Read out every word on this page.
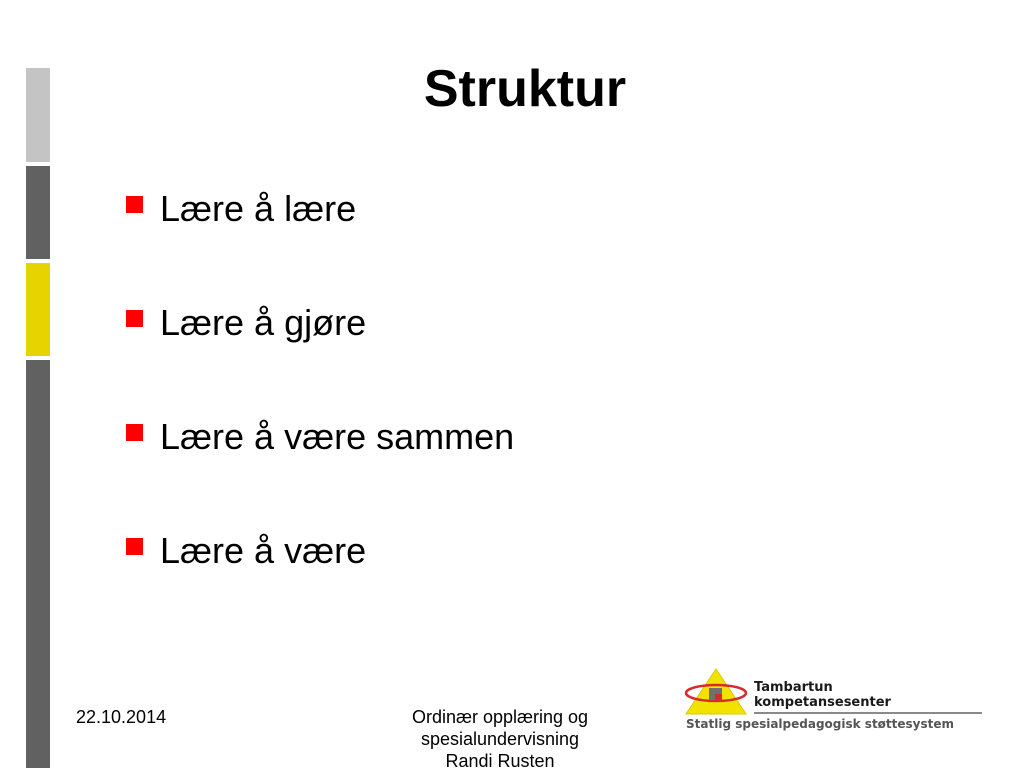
Struktur
Lære å lære
Lære å gjøre
Lære å være sammen
Lære å være
22.10.2014	Ordinær opplæring og
spesialundervisning
Randi Rusten
Tambartun
kompetansesenter
Statlig spesialpedagogisk støttesystem
